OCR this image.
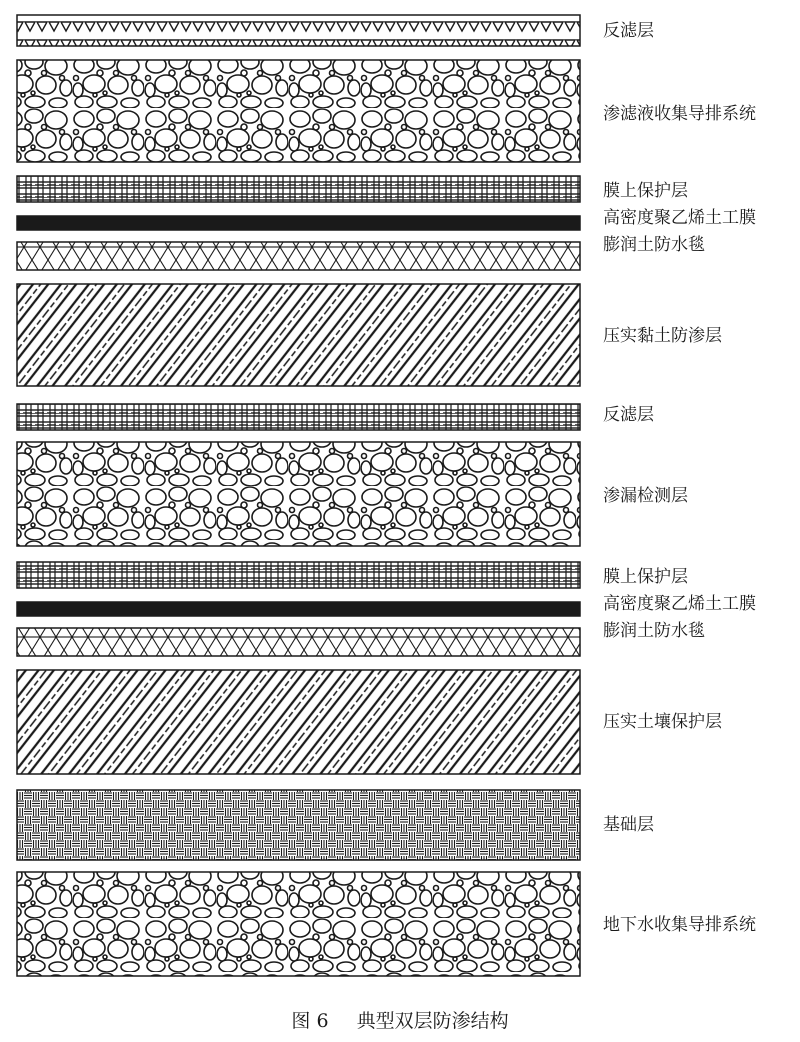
反滤层
渗滤液收集导排系统
膜上保护层
高密度聚乙烯土工膜
膨润土防水毯
压实黏土防渗层
反滤层
渗漏检测层
膜上保护层
高密度聚乙烯土工膜
膨润土防水毯
压实土壤保护层
基础层
地下水收集导排系统
图 6 典型双层防渗结构
